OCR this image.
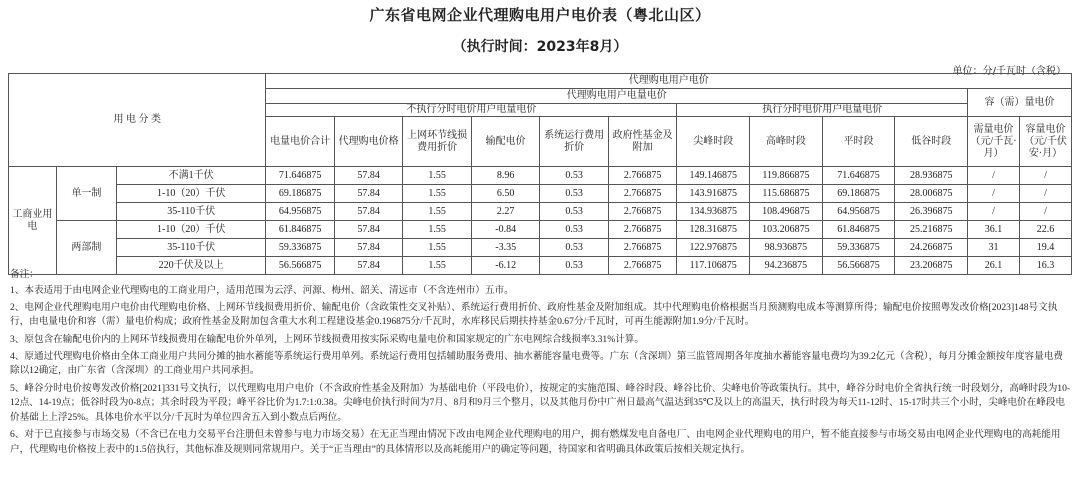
广东省电网企业代理购电用户电价表（粤北山区）
（执行时间：2023年8月）
单位：分/千瓦时（含税）
用 电 分 类			代理购电用户电价											
			代理购电用户电量电价										容（需）量电价	
			不执行分时电价用户电量电价						执行分时电价用户电量电价					
			电量电价合计	代理购电价格	上网环节线损费用折价	输配电价	系统运行费用折价	政府性基金及附加	尖峰时段	高峰时段	平时段	低谷时段	需量电价（元/千瓦·月）	容量电价（元/千伏安·月）
工商业用电	单一制	不满1千伏	71.646875	57.84	1.55	8.96	0.53	2.766875	149.146875	119.866875	71.646875	28.936875	/	/
		1-10（20）千伏	69.186875	57.84	1.55	6.50	0.53	2.766875	143.916875	115.686875	69.186875	28.006875	/	/
		35-110千伏	64.956875	57.84	1.55	2.27	0.53	2.766875	134.936875	108.496875	64.956875	26.396875	/	/
	两部制	1-10（20）千伏	61.846875	57.84	1.55	-0.84	0.53	2.766875	128.316875	103.206875	61.846875	25.216875	36.1	22.6
		35-110千伏	59.336875	57.84	1.55	-3.35	0.53	2.766875	122.976875	98.936875	59.336875	24.266875	31	19.4
		220千伏及以上	56.566875	57.84	1.55	-6.12	0.53	2.766875	117.106875	94.236875	56.566875	23.206875	26.1	16.3

备注：

1、本表适用于由电网企业代理购电的工商业用户，适用范围为云浮、河源、梅州、韶关、清远市（不含连州市）五市。

2、电网企业代理购电用户电价由代理购电价格、上网环节线损费用折价、输配电价（含政策性交叉补贴）、系统运行费用折价、政府性基金及附加组成。其中代理购电价格根据当月预测购电成本等测算所得；输配电价按照粤发改价格[2023]148号文执行，由电量电价和容（需）量电价构成；政府性基金及附加包含重大水利工程建设基金0.196875分/千瓦时，水库移民后期扶持基金0.67分/千瓦时，可再生能源附加1.9分/千瓦时。

3、原包含在输配电价内的上网环节线损费用在输配电价外单列，上网环节线损费用按实际采购电量电价和国家规定的广东电网综合线损率3.31%计算。

4、原通过代理购电价格由全体工商业用户共同分摊的抽水蓄能等系统运行费用单列。系统运行费用包括辅助服务费用、抽水蓄能容量电费等。广东（含深圳）第三监管周期各年度抽水蓄能容量电费均为39.2亿元（含税），每月分摊金额按年度容量电费除以12确定，由广东省（含深圳）的工商业用户共同承担。

5、峰谷分时电价按粤发改价格[2021]331号文执行，以代理购电用户电价（不含政府性基金及附加）为基础电价（平段电价），按规定的实施范围、峰谷时段、峰谷比价、尖峰电价等政策执行。其中，峰谷分时电价全省执行统一时段划分，高峰时段为10-12点、14-19点；低谷时段为0-8点；其余时段为平段；峰平谷比价为1.7:1:0.38。尖峰电价执行时间为7月、8月和9月三个整月，以及其他月份中广州日最高气温达到35℃及以上的高温天，执行时段为每天11-12时、15-17时共三个小时，尖峰电价在峰段电价基础上上浮25%。具体电价水平以分/千瓦时为单位四舍五入到小数点后两位。

6、对于已直接参与市场交易（不含已在电力交易平台注册但未曾参与电力市场交易）在无正当理由情况下改由电网企业代理购电的用户，拥有燃煤发电自备电厂、由电网企业代理购电的用户，暂不能直接参与市场交易由电网企业代理购电的高耗能用户，代理购电价格按上表中的1.5倍执行，其他标准及规则同常规用户。关于“正当理由”的具体情形以及高耗能用户的确定等问题，待国家和省明确具体政策后按相关规定执行。
